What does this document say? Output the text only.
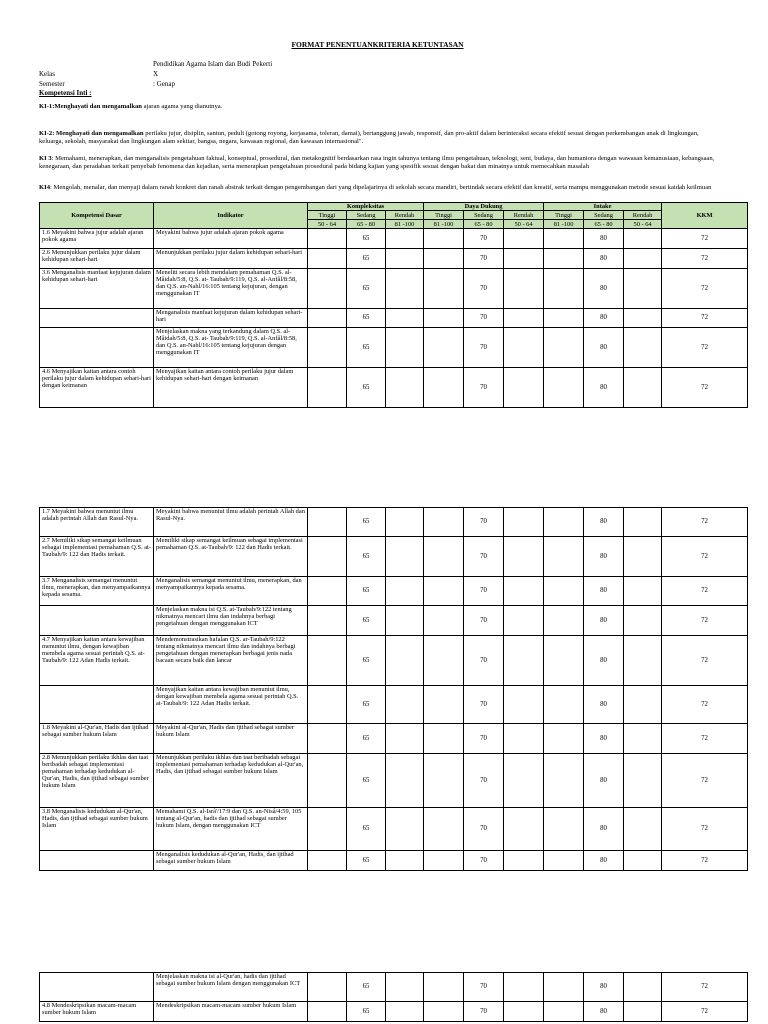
FORMAT PENENTUANKRITERIA KETUNTASAN
Pendidikan Agama Islam dan Budi Pekerti
Kelas	X
Semester	: Genap
Kompetensi Inti :
KI-1:Menghayati dan mengamalkan ajaran agama yang dianutnya.
KI-2: Menghayati dan mengamalkan perilaku jujur, disiplin, santun, peduli (gotong royong, kerjasama, toleran, damai), bertanggung jawab, responsif, dan pro-aktif dalam berinteraksi secara efektif sesuai dengan perkembangan anak di lingkungan, keluarga, sekolah, masyarakat dan lingkungan alam sekitar, bangsa, negara, kawasan regional, dan kawasan internasional".
KI 3: Memahami, menerapkan, dan menganalisis pengetahuan faktual, konseptual, prosedural, dan metakognitif berdasarkan rasa ingin tahunya tentang ilmu pengetahuan, teknologi, seni, budaya, dan humaniora dengan wawasan kemanusiaan, kebangsaan, kenegaraan, dan peradaban terkait penyebab fenomena dan kejadian, serta menerapkan pengetahuan prosedural pada bidang kajian yang spesifik sesuai dengan bakat dan minatnya untuk memecahkan masalah
KI4: Mengolah, menalar, dan menyaji dalam ranah konkret dan ranah abstrak terkait dengan pengembangan dari yang dipelajarinya di sekolah secara mandiri, bertindak secara efektif dan kreatif, serta mampu menggunakan metode sesuai kaidah keilmuan
Kompetensi Dasar	Indikator	Kompleksitas			Daya Dukung			Intake			KKM
		Tinggi	Sedang	Rendah	Tinggi	Sedang	Rendah	Tinggi	Sedang	Rendah	
		50 - 64	65 - 80	81 -100	81 -100	65 - 80	50 - 64	81 -100	65 - 80	50 - 64	
1.6 Meyakini bahwa jujur adalah ajaran pokok agama	Meyakini bahwa jujur adalah ajaran pokok agama		65			70			80		72
2.6 Menunjukkan perilaku jujur dalam kehidupan sehari-hari	Menunjukkan perilaku jujur dalam kehidupan sehari-hari		65			70			80		72
3.6 Menganalisis manfaat kejujuran dalam kehidupan sehari-hari	Meneliti secara lebih mendalam pemahaman Q.S. al-Mâidah/5:8, Q.S. at- Taubah/9:119, Q.S. al-Anfâl/8:58, dan Q.S. an-Nahl/16:105 tentang kejujuran, dengan menggunakan IT		65			70			80		72
	Menganalisis manfaat kejujuran dalam kehidupan sehari-hari		65			70			80		72
	Menjelaskan makna yang terkandung dalam Q.S. al-Mâidah/5:8, Q.S. at- Taubah/9:119, Q.S. al-Anfâl/8:58, dan Q.S. an-Nahl/16:105 tentang kejujuran dengan menggunakan IT		65			70			80		72
4.6 Menyajikan kaitan antara contoh perilaku jujur dalam kehidupan sehari-hari dengan keimanan	Menyajikan kaitan antara contoh perilaku jujur dalam kehidupan sehari-hari dengan keimanan		65			70			80		72
1.7 Meyakini bahwa menuntut ilmu adalah perintah Allah dan Rasul-Nya.	Meyakini bahwa menuntut ilmu adalah perintah Allah dan Rasul-Nya.		65			70			80		72
2.7 Memiliki sikap semangat keilmuan sebagai implementasi pemahaman Q.S. at-Taubah/9: 122 dan Hadis terkait.	Memiliki sikap semangat keilmuan sebagai implementasi pemahaman Q.S. at-Taubah/9: 122 dan Hadis terkait.		65			70			80		72
3.7 Menganalisis semangat menuntut ilmu, menerapkan, dan menyampaikannya kepada sesama.	Menganalisis semangat menuntut ilmu, menerapkan, dan menyampaikannya kepada sesama.		65			70			80		72
	Menjelaskan makna isi Q.S. at-Taubah/9:122 tentang nikmatnya mencari ilmu dan indahnya berbagi pengetahuan dengan menggunakan ICT		65			70			80		72
4.7 Menyajikan kaitan antara kewajiban menuntut ilmu, dengan kewajiban membela agama sesuai perintah Q.S. at-Taubah/9: 122 Adan Hadis terkait.	Mendemonstrasikan hafalan Q.S. ar-Taubah/9:122 tentang nikmatnya mencari ilmu dan indahnya berbagi pengetahuan dengan menerapkan berbagai jenis nada bacaan secara baik dan lancar		65			70			80		72
	Menyajikan kaitan antara kewajiban menuntut ilmu, dengan kewajiban membela agama sesuai perintah Q.S. at-Taubah/9: 122 Adan Hadis terkait.		65			70			80		72
1.8 Meyakini al-Qur'an, Hadis dan ijtihad sebagai sumber hukum Islam	Meyakini al-Qur'an, Hadis dan ijtihad sebagai sumber hukum Islam		65			70			80		72
2.8 Menunjukkan perilaku ikhlas dan taat beribadah sebagai implementasi pemahaman terhadap kedudukan al-Qur'an, Hadis, dan ijtihad sebagai sumber hukum Islam	Menunjukkan perilaku ikhlas dan taat beribadah sebagai implementasi pemahaman terhadap kedudukan al-Qur'an, Hadis, dan ijtihad sebagai sumber hukum Islam		65			70			80		72
3.8 Menganalisis kedudukan al-Qur'an, Hadis, dan ijtihad sebagai sumber hukum Islam	Memahami Q.S. al-Isrâ'/17:9 dan Q.S. an-Nisâ/4:59, 105 tentang al-Qur'an, hadis dan ijtihad sebagai sumber hukum Islam, dengan menggunakan ICT		65			70			80		72
	Menganalisis kedudukan al-Qur'an, Hadis, dan ijtihad sebagai sumber hukum Islam		65			70			80		72
	Menjelaskan makna isi al-Qur'an, hadis dan ijtihad sebagai sumber hukum Islam dengan menggunakan ICT		65			70			80		72
4.8 Mendeskripsikan macam-macam sumber hukum Islam	Mendeskripsikan macam-macam sumber hukum Islam		65			70			80		72
